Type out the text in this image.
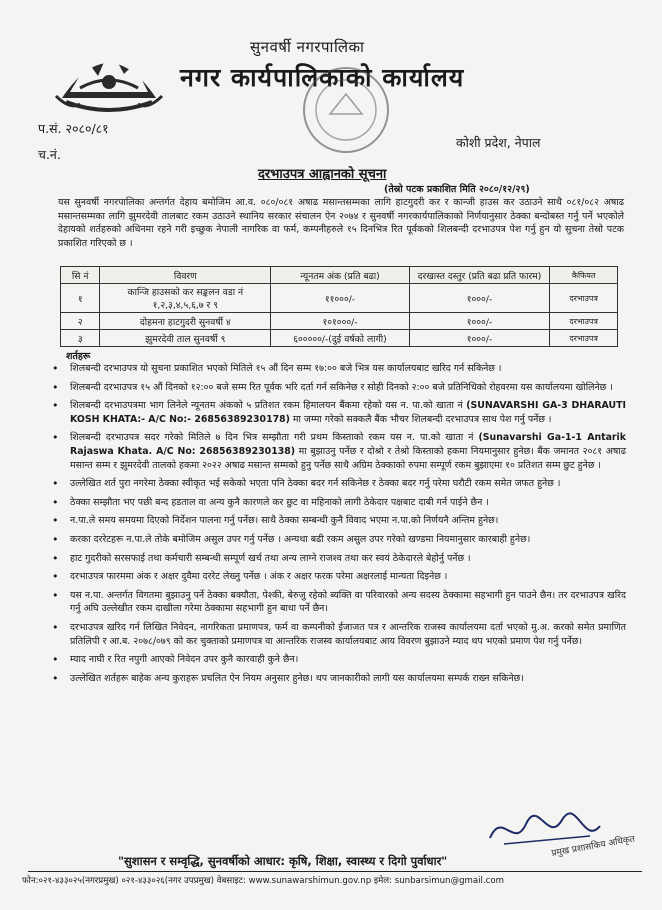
सुनवर्षी नगरपालिका
नगर कार्यपालिकाको कार्यालय
प.सं. २०८०/८१
च.नं.
कोशी प्रदेश, नेपाल
दरभाउपत्र आह्वानको सूचना
(तेस्रो पटक प्रकाशित मिति २०८०/१२/२९)
यस सुनवर्षी नगरपालिका अन्तर्गत देहाय बमोजिम आ.व. ०८०/०८१ अषाढ मसान्तसम्मका लागि हाटगुदरी कर र कान्जी हाउस कर उठाउने साथै ०८१/०८२ अषाढ मसान्तसम्मका लागि झुमरदेवी तालबाट रकम उठाउने स्थानिय सरकार संचालन ऐन २०७४ र सुनवर्षी नगरकार्यपालिकाको निर्णयानुसार ठेक्का बन्दोबस्त गर्नु पर्ने भएकोले देहायको शर्तहरुको अधिनमा रहने गरी इच्छुक नेपाली नागरिक वा फर्म, कम्पनीहरुले १५ दिनभित्र रित पूर्वकको शिलबन्दी दरभाउपत्र पेश गर्नु हुन यो सुचना तेस्रो पटक प्रकाशित गरिएको छ ।
सि नं	विवरण	न्यूनतम अंक (प्रति बढा)	दरखास्त दस्तुर (प्रति बढा प्रति फारम)	कैफियत
१	कान्जि हाउसको कर सङ्कलन वडा नं १,२,३,४,५,६,७ र ९	११०००/-	१०००/-	दरभाउपत्र
२	दोहमना हाटगुदरी सुनवर्षी ४	१०१०००/-	१०००/-	दरभाउपत्र
३	झुमरदेवी ताल सुनवर्षी ९	६०००००/-(दुई वर्षको लागी)	१०००/-	दरभाउपत्र
शर्तहरू
• शिलबन्दी दरभाउपत्र यो सुचना प्रकाशित भएको मितिले १५ औं दिन सम्म १७:०० बजे भित्र यस कार्यालयबाट खरिद गर्न सकिनेछ ।
• शिलबन्दी दरभाउपत्र १५ औं दिनको १२:०० बजे सम्म रित पूर्वक भरि दर्ता गर्न सकिनेछ र सोही दिनको २:०० बजे प्रतिनिधिको रोहवरमा यस कार्यालयमा खोलिनेछ ।
• शिलबन्दी दरभाउपत्रमा भाग लिनेले न्यूनतम अंकको ५ प्रतिशत रकम हिमालयन बैंकमा रहेको यस न. पा.को खाता नं (SUNAVARSHI GA-3 DHARAUTI KOSH KHATA:- A/C No:- 26856389230178) मा जम्मा गरेको सक्कलै बैंक भौचर शिलबन्दी दरभाउपत्र साथ पेश गर्नु पर्नेछ ।
• शिलबन्दी दरभाउपत्र सदर गरेको मितिले ७ दिन भित्र सम्झौता गरी प्रथम किस्ताको रकम यस न. पा.को खाता नं (Sunavarshi Ga-1-1 Antarik Rajaswa Khata. A/C No: 26856389230138) मा बुझाउनु पर्नेछ र दोश्रो र तेश्रो किस्ताको हकमा नियमानुसार हुनेछ। बैंक जमानत २०८१ अषाढ मसान्त सम्म र झुमरदेवी तालको हकमा २०२२ अषाढ मसान्त सम्मको हुनु पर्नेछ साथै अग्रिम ठेक्काको रुपमा सम्पूर्ण रकम बुझाएमा १० प्रतिशत सम्म छुट हुनेछ ।
• उल्लेखित शर्त पुरा नगरेमा ठेक्का स्वीकृत भई सकेको भएता पनि ठेक्का बदर गर्न सकिनेछ र ठेक्का बदर गर्नु परेमा घरौटी रकम समेत जफत हुनेछ ।
• ठेक्का सम्झौता भए पछी बन्द हडताल वा अन्य कुनै कारणले कर छुट वा महिनाको लागी ठेकेदार पक्षबाट दाबी गर्न पाईने छैन ।
• न.पा.ले समय समयमा दिएको निर्देशन पालना गर्नु पर्नेछ। साथै ठेक्का सम्बन्धी कुनै विवाद भएमा न.पा.को निर्णयनै अन्तिम हुनेछ।
• करका दररेटहरू न.पा.ले तोके बमोजिम असुल उपर गर्नु पर्नेछ । अन्यथा बढी रकम असुल उपर गरेको खण्डमा नियमानुसार कारबाही हुनेछ।
• हाट गुदरीको सरसफाई तथा कर्मचारी सम्बन्धी सम्पूर्ण खर्च तथा अन्य लाग्ने राजश्व तथा कर स्वयं ठेकेदारले बेहोर्नु पर्नेछ ।
• दरभाउपत्र फारममा अंक र अक्षर दुवैमा दररेट लेख्नु पर्नेछ । अंक र अक्षर फरक परेमा अक्षरलाई मान्यता दिइनेछ ।
• यस न.पा. अन्तर्गत विगतमा बुझाउनु पर्ने ठेक्का बक्यौता, पेश्की, बेरुजु रहेको ब्यक्ति वा परिवारको अन्य सदस्य ठेक्कामा सहभागी हुन पाउने छैन। तर दरभाउपत्र खरिद गर्नु अघि उल्लेखीत रकम दाखीला गरेमा ठेक्कामा सहभागी हुन बाधा पर्ने छैन।
• दरभाउपत्र खरिद गर्न लिखित निवेदन, नागरिकता प्रमाणपत्र, फर्म वा कम्पनीको ईजाजत पत्र र आन्तरिक राजस्व कार्यालयमा दर्ता भएको मु.अ. करको समेत प्रमाणित प्रतिलिपी र आ.ब. २०७८/०७९ को कर चुक्ताको प्रमाणपत्र वा आन्तरिक राजस्व कार्यालयबाट आय विवरण बुझाउने म्याद थप भएको प्रमाण पेश गर्नु पर्नेछ।
• म्याद नाघी र रित नपुगी आएको निवेदन उपर कुनै कारवाही कुने छैन।
• उल्लेखित शर्तहरू बाहेक अन्य कुराहरू प्रचलित ऐन नियम अनुसार हुनेछ। थप जानकारीको लागी यस कार्यालयमा सम्पर्क राख्न सकिनेछ।
प्रमुख प्रशासकिय अधिकृत
"सुशासन र सम्वृद्धि, सुनवर्षीको आधार: कृषि, शिक्षा, स्वास्थ्य र दिगो पुर्वाधार"
फोन:०२१-४३३०२५(नगरप्रमुख) ०२१-४३३०२६(नगर उपप्रमुख) वेबसाइट: www.sunawarshimun.gov.np इमेल: sunbarsimun@gmail.com
